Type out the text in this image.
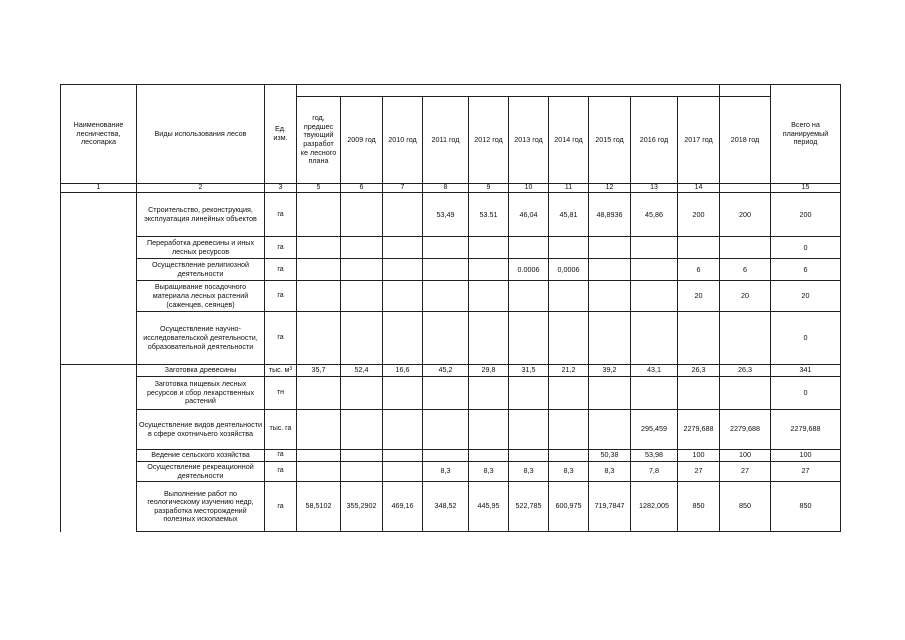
Наименование лесничества, лесопарка	Виды использования лесов	Ед. изм.												Всего на планируемый период
			год, предшес твующий разработ ке лесного плана	2009 год	2010 год	2011 год	2012 год	2013 год	2014 год	2015 год	2016 год	2017 год	2018 год	
1	2	3	5	6	7	8	9	10	11	12	13	14		15
	Строительство, реконструкция, эксплуатация линейных объектов	га				53,49	53.51	46,04	45,81	48,8936	45,86	200	200	200
	Переработка древесины и иных лесных ресурсов	га												0
	Осуществление религиозной деятельности	га						0.0006	0,0006			6	6	6
	Выращивание посадочного материала лесных растений (саженцев, сеянцев)	га										20	20	20
	Осуществление научно-исследовательской деятельности, образовательной деятельности	га												0
	Заготовка древесины	тыс. $м^3$	35,7	52,4	16,6	45,2	29,8	31,5	21,2	39,2	43,1	26,3	26,3	341
	Заготовка пищевых лесных ресурсов и сбор лекарственных растений	тн												0
	Осуществление видов деятельности в сфере охотничьего хозяйства	тыс. га									295,459	2279,688	2279,688	2279,688
	Ведение сельского хозяйства	га								50,38	53,98	100	100	100
	Осуществление рекреационной деятельности	га				8,3	8,3	8,3	8,3	8,3	7,8	27	27	27
	Выполнение работ по геологическому изучению недр, разработка месторождений полезных ископаемых	га	58,5102	355,2902	469,16	348,52	445,95	522,785	600,975	719,7847	1282,005	850	850	850
